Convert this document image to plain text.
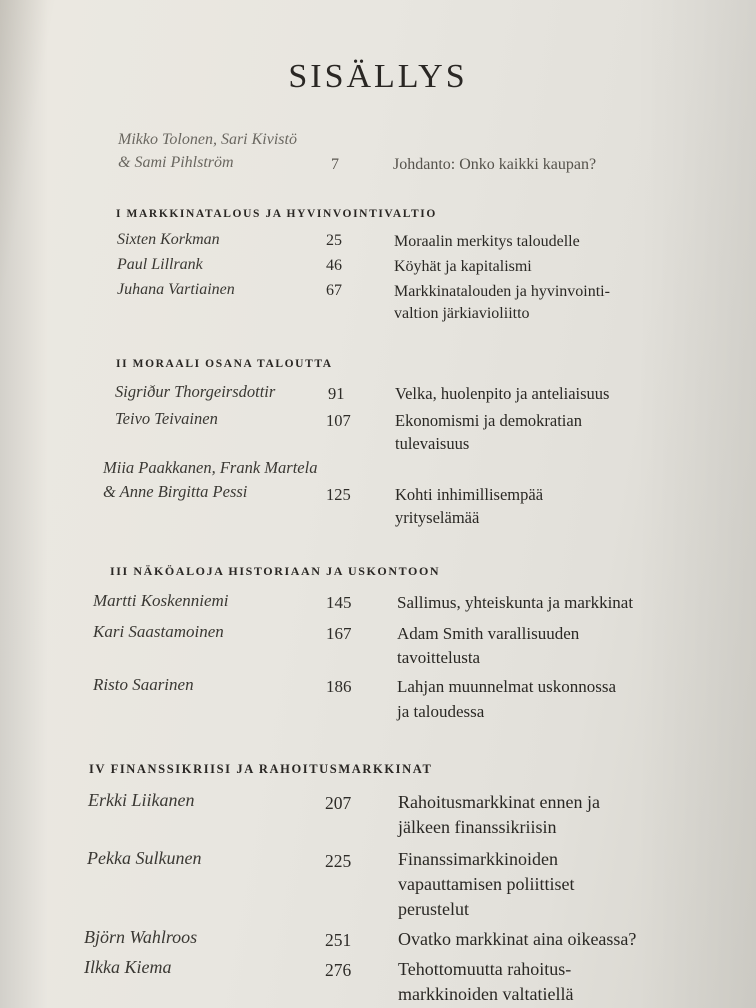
SISÄLLYS
Mikko Tolonen, Sari Kivistö
& Sami Pihlström	7	Johdanto: Onko kaikki kaupan?
I MARKKINATALOUS JA HYVINVOINTIVALTIO
Sixten Korkman	25	Moraalin merkitys taloudelle
Paul Lillrank	46	Köyhät ja kapitalismi
Juhana Vartiainen	67	Markkinatalouden ja hyvinvointi-
valtion järkiavioliitto
II MORAALI OSANA TALOUTTA
Sigriður Thorgeirsdottir	91	Velka, huolenpito ja anteliaisuus
Teivo Teivainen	107	Ekonomismi ja demokratian
tulevaisuus
Miia Paakkanen, Frank Martela
& Anne Birgitta Pessi	125	Kohti inhimillisempää
yrityselämää
III NÄKÖALOJA HISTORIAAN JA USKONTOON
Martti Koskenniemi	145	Sallimus, yhteiskunta ja markkinat
Kari Saastamoinen	167	Adam Smith varallisuuden
tavoittelusta
Risto Saarinen	186	Lahjan muunnelmat uskonnossa
ja taloudessa
IV FINANSSIKRIISI JA RAHOITUSMARKKINAT
Erkki Liikanen	207	Rahoitusmarkkinat ennen ja
jälkeen finanssikriisin
Pekka Sulkunen	225	Finanssimarkkinoiden
vapauttamisen poliittiset
perustelut
Björn Wahlroos	251	Ovatko markkinat aina oikeassa?
Ilkka Kiema	276	Tehottomuutta rahoitus-
markkinoiden valtatiellä
